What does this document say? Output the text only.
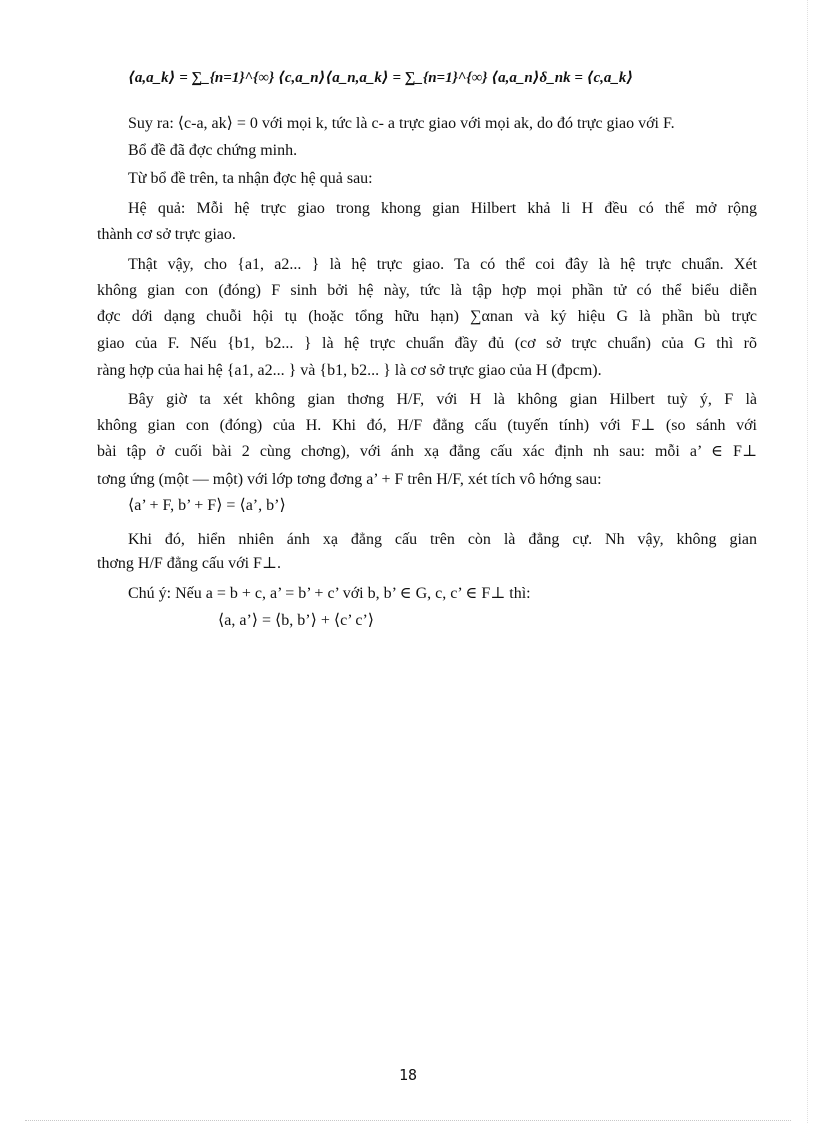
⟨a,a_k⟩ = ∑_{n=1}^{∞} ⟨c,a_n⟩⟨a_n,a_k⟩ = ∑_{n=1}^{∞} ⟨a,a_n⟩δ_nk = ⟨c,a_k⟩
Suy ra: ⟨c-a, ak⟩ = 0 với mọi k, tức là c- a trực giao với mọi ak, do đó trực giao với F.
Bổ đề đã đợc chứng minh.
Từ bổ đề trên, ta nhận đợc hệ quả sau:
Hệ quả: Mỗi hệ trực giao trong khong gian Hilbert khả li H đều có thể mở rộng
thành cơ sở trực giao.
Thật vậy, cho {a1, a2... } là hệ trực giao. Ta có thể coi đây là hệ trực chuẩn. Xét
không gian con (đóng) F sinh bởi hệ này, tức là tập hợp mọi phần tử có thể biểu diễn
đợc dới dạng chuỗi hội tụ (hoặc tổng hữu hạn) ∑αnan và ký hiệu G là phần bù trực
giao của F. Nếu {b1, b2... } là hệ trực chuẩn đầy đủ (cơ sở trực chuẩn) của G thì rõ
ràng hợp của hai hệ {a1, a2... } và {b1, b2... } là cơ sở trực giao của H (đpcm).
Bây giờ ta xét không gian thơng H/F, với H là không gian Hilbert tuỳ ý, F là
không gian con (đóng) của H. Khi đó, H/F đẳng cấu (tuyến tính) với F⊥ (so sánh với
bài tập ở cuối bài 2 cùng chơng), với ánh xạ đẳng cấu xác định nh sau: mỗi a’ ∈ F⊥
tơng ứng (một — một) với lớp tơng đơng a’ + F trên H/F, xét tích vô hớng sau:
⟨a’ + F, b’ + F⟩ = ⟨a’, b’⟩
Khi đó, hiển nhiên ánh xạ đẳng cấu trên còn là đẳng cự. Nh vậy, không gian
thơng H/F đẳng cấu với F⊥.
Chú ý: Nếu a = b + c, a’ = b’ + c’ với b, b’ ∈ G, c, c’ ∈ F⊥ thì:
⟨a, a’⟩ = ⟨b, b’⟩ + ⟨c’ c’⟩
18
